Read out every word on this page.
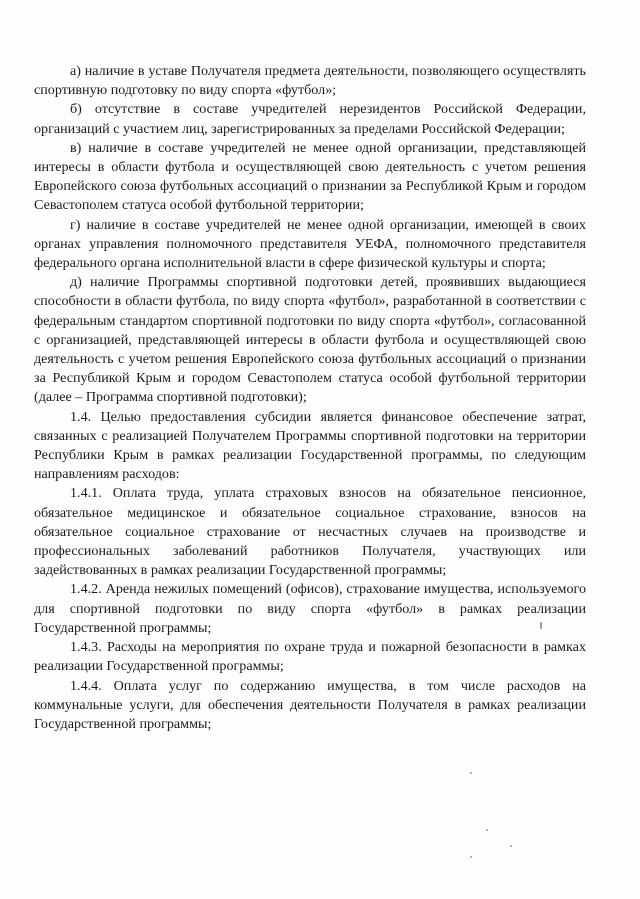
а) наличие в уставе Получателя предмета деятельности, позволяющего осуществлять спортивную подготовку по виду спорта «футбол»;

б) отсутствие в составе учредителей нерезидентов Российской Федерации, организаций с участием лиц, зарегистрированных за пределами Российской Федерации;

в) наличие в составе учредителей не менее одной организации, представляющей интересы в области футбола и осуществляющей свою деятельность с учетом решения Европейского союза футбольных ассоциаций о признании за Республикой Крым и городом Севастополем статуса особой футбольной территории;

г) наличие в составе учредителей не менее одной организации, имеющей в своих органах управления полномочного представителя УЕФА, полномочного представителя федерального органа исполнительной власти в сфере физической культуры и спорта;

д) наличие Программы спортивной подготовки детей, проявивших выдающиеся способности в области футбола, по виду спорта «футбол», разработанной в соответствии с федеральным стандартом спортивной подготовки по виду спорта «футбол», согласованной с организацией, представляющей интересы в области футбола и осуществляющей свою деятельность с учетом решения Европейского союза футбольных ассоциаций о признании за Республикой Крым и городом Севастополем статуса особой футбольной территории (далее – Программа спортивной подготовки);

1.4. Целью предоставления субсидии является финансовое обеспечение затрат, связанных с реализацией Получателем Программы спортивной подготовки на территории Республики Крым в рамках реализации Государственной программы, по следующим направлениям расходов:

1.4.1. Оплата труда, уплата страховых взносов на обязательное пенсионное, обязательное медицинское и обязательное социальное страхование, взносов на обязательное социальное страхование от несчастных случаев на производстве и профессиональных заболеваний работников Получателя, участвующих или задействованных в рамках реализации Государственной программы;

1.4.2. Аренда нежилых помещений (офисов), страхование имущества, используемого для спортивной подготовки по виду спорта «футбол» в рамках реализации Государственной программы;

1.4.3. Расходы на мероприятия по охране труда и пожарной безопасности в рамках реализации Государственной программы;

1.4.4. Оплата услуг по содержанию имущества, в том числе расходов на коммунальные услуги, для обеспечения деятельности Получателя в рамках реализации Государственной программы;
